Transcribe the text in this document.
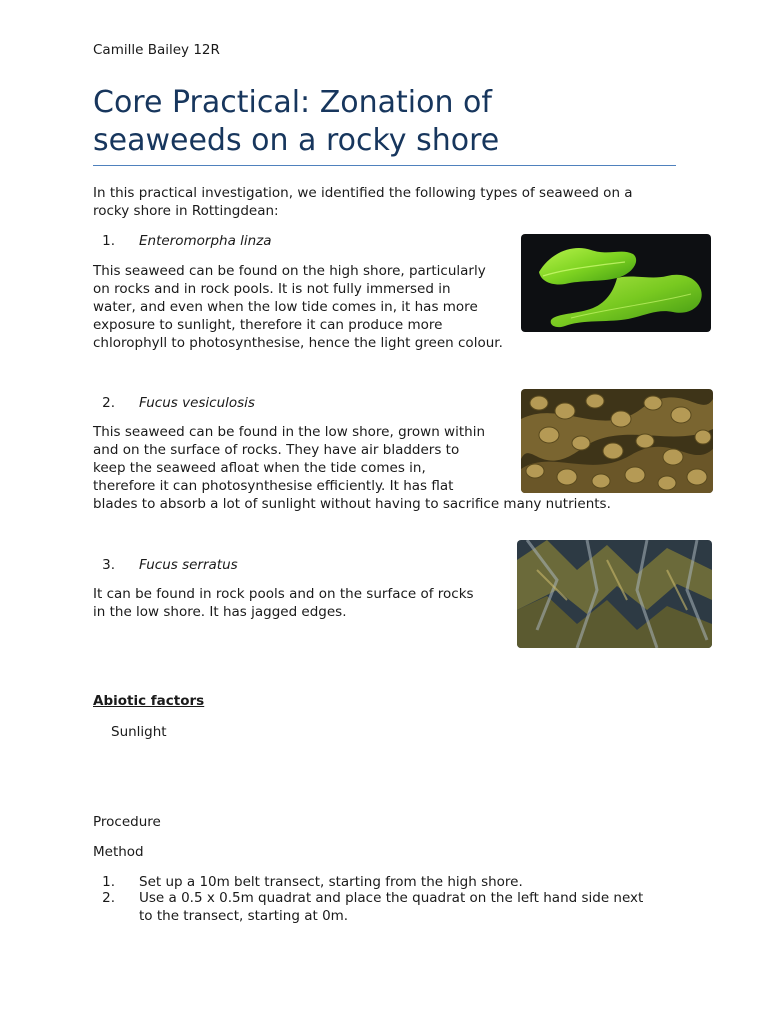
Camille Bailey 12R
Core Practical: Zonation of
seaweeds on a rocky shore

In this practical investigation, we identified the following types of seaweed on a
rocky shore in Rottingdean:

1. Enteromorpha linza

This seaweed can be found on the high shore, particularly
on rocks and in rock pools. It is not fully immersed in
water, and even when the low tide comes in, it has more
exposure to sunlight, therefore it can produce more
chlorophyll to photosynthesise, hence the light green colour.

2. Fucus vesiculosis

This seaweed can be found in the low shore, grown within
and on the surface of rocks. They have air bladders to
keep the seaweed afloat when the tide comes in,
therefore it can photosynthesise efficiently. It has flat
blades to absorb a lot of sunlight without having to sacrifice many nutrients.

3. Fucus serratus

It can be found in rock pools and on the surface of rocks
in the low shore. It has jagged edges.

Abiotic factors
Sunlight
Procedure
Method
1. Set up a 10m belt transect, starting from the high shore.
2. Use a 0.5 x 0.5m quadrat and place the quadrat on the left hand side next
to the transect, starting at 0m.
